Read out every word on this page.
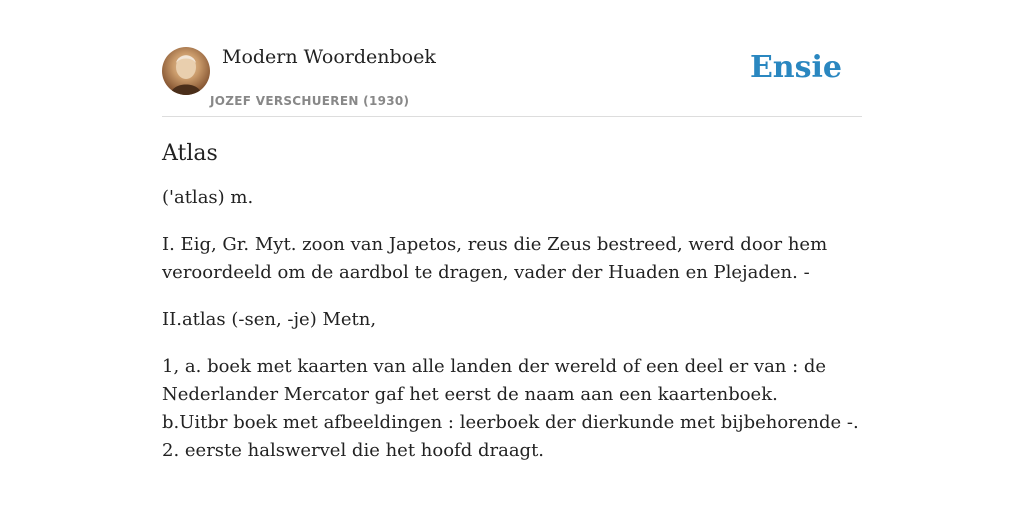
Modern Woordenboek
JOZEF VERSCHUEREN (1930)
Ensie
Atlas
('atlas) m.
I. Eig, Gr. Myt. zoon van Japetos, reus die Zeus bestreed, werd door hem
veroordeeld om de aardbol te dragen, vader der Huaden en Plejaden. -
II.atlas (-sen, -je) Metn,
1, a. boek met kaarten van alle landen der wereld of een deel er van : de
Nederlander Mercator gaf het eerst de naam aan een kaartenboek.
b.Uitbr boek met afbeeldingen : leerboek der dierkunde met bijbehorende -.
2. eerste halswervel die het hoofd draagt.
